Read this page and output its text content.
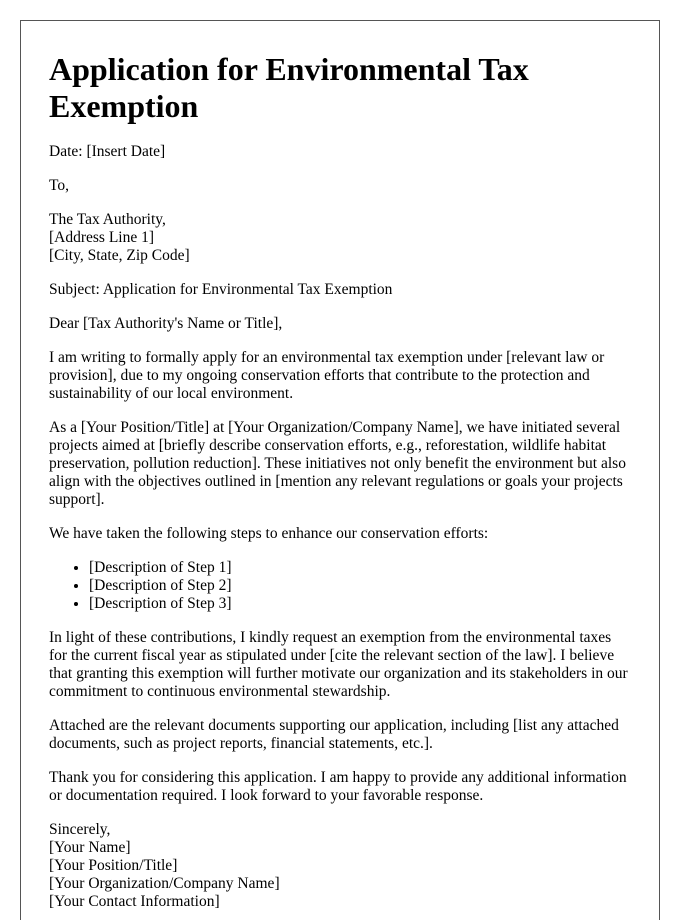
Application for Environmental Tax Exemption

Date: [Insert Date]

To,

The Tax Authority,
[Address Line 1]
[City, State, Zip Code]

Subject: Application for Environmental Tax Exemption

Dear [Tax Authority's Name or Title],

I am writing to formally apply for an environmental tax exemption under [relevant law or provision], due to my ongoing conservation efforts that contribute to the protection and sustainability of our local environment.

As a [Your Position/Title] at [Your Organization/Company Name], we have initiated several projects aimed at [briefly describe conservation efforts, e.g., reforestation, wildlife habitat preservation, pollution reduction]. These initiatives not only benefit the environment but also align with the objectives outlined in [mention any relevant regulations or goals your projects support].

We have taken the following steps to enhance our conservation efforts:

• [Description of Step 1]
• [Description of Step 2]
• [Description of Step 3]

In light of these contributions, I kindly request an exemption from the environmental taxes for the current fiscal year as stipulated under [cite the relevant section of the law]. I believe that granting this exemption will further motivate our organization and its stakeholders in our commitment to continuous environmental stewardship.

Attached are the relevant documents supporting our application, including [list any attached documents, such as project reports, financial statements, etc.].

Thank you for considering this application. I am happy to provide any additional information or documentation required. I look forward to your favorable response.

Sincerely,
[Your Name]
[Your Position/Title]
[Your Organization/Company Name]
[Your Contact Information]
